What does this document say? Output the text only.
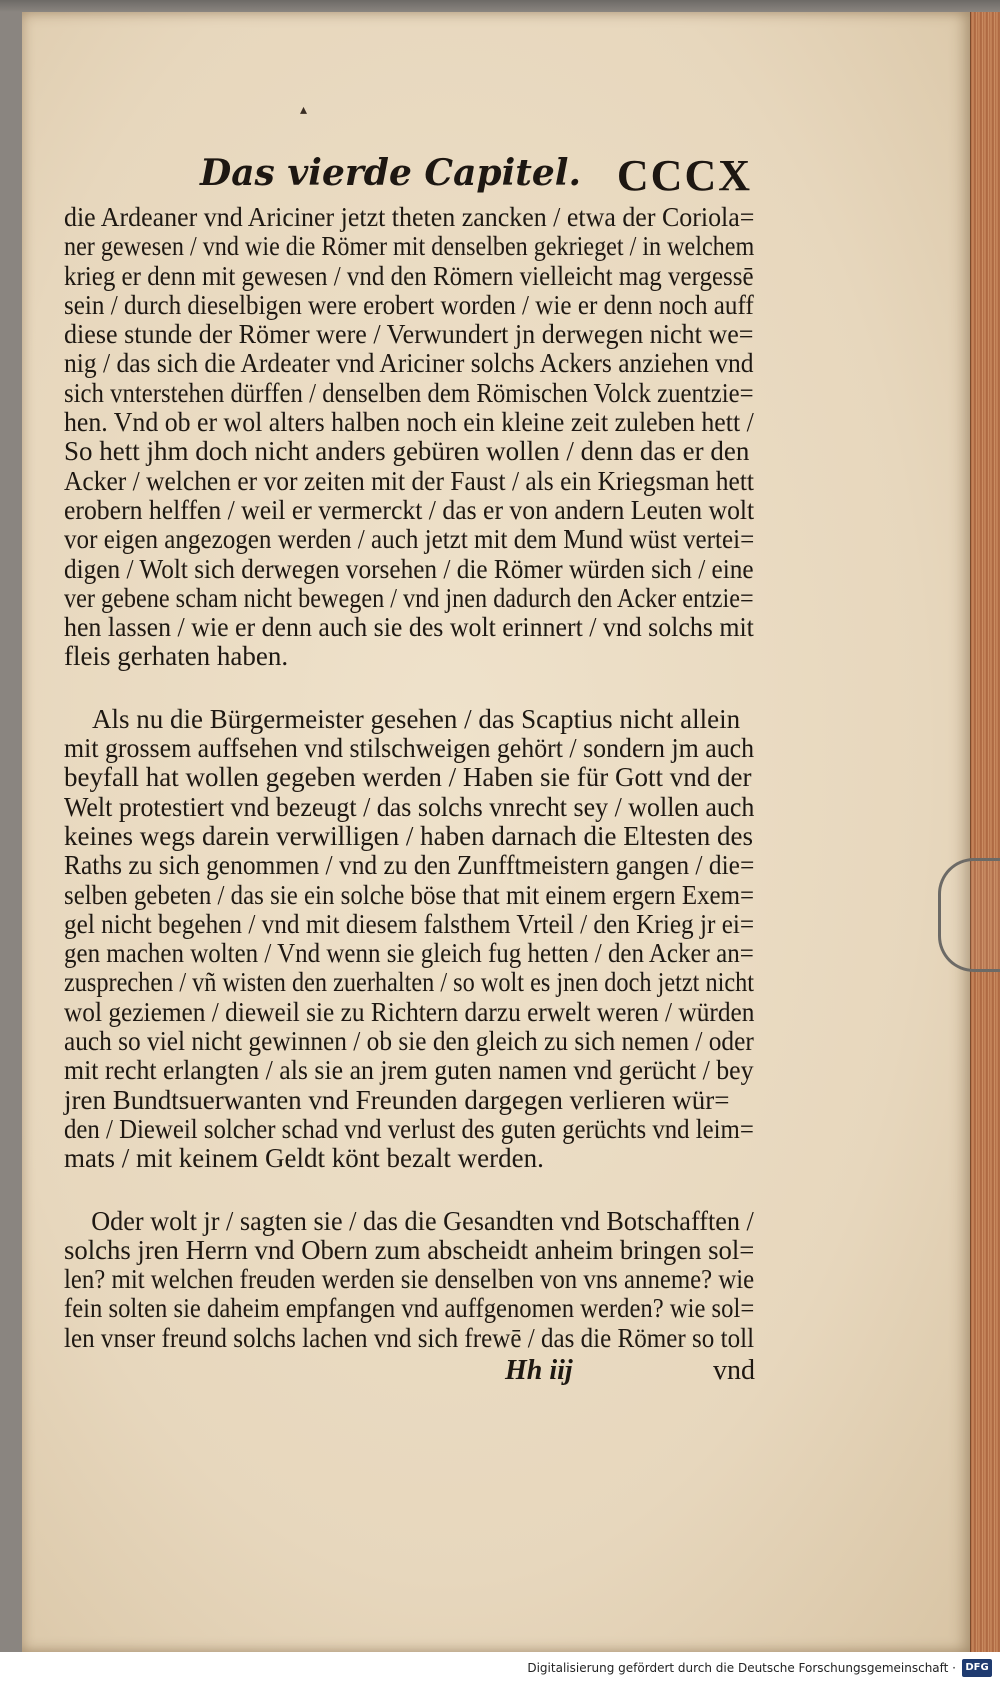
▴
Das vierde Capitel. CCCX
die Ardeaner vnd Ariciner jetzt theten zancken / etwa der Coriola=
ner gewesen / vnd wie die Römer mit denselben gekrieget / in welchem
krieg er denn mit gewesen / vnd den Römern vielleicht mag vergessē
sein / durch dieselbigen were erobert worden / wie er denn noch auff
diese stunde der Römer were / Verwundert jn derwegen nicht we=
nig / das sich die Ardeater vnd Ariciner solchs Ackers anziehen vnd
sich vnterstehen dürffen / denselben dem Römischen Volck zuentzie=
hen. Vnd ob er wol alters halben noch ein kleine zeit zuleben hett /
So hett jhm doch nicht anders gebüren wollen / denn das er den
Acker / welchen er vor zeiten mit der Faust / als ein Kriegsman hett
erobern helffen / weil er vermerckt / das er von andern Leuten wolt
vor eigen angezogen werden / auch jetzt mit dem Mund wüst vertei=
digen / Wolt sich derwegen vorsehen / die Römer würden sich / eine
ver gebene scham nicht bewegen / vnd jnen dadurch den Acker entzie=
hen lassen / wie er denn auch sie des wolt erinnert / vnd solchs mit
fleis gerhaten haben.
Als nu die Bürgermeister gesehen / das Scaptius nicht allein
mit grossem auffsehen vnd stilschweigen gehört / sondern jm auch
beyfall hat wollen gegeben werden / Haben sie für Gott vnd der
Welt protestiert vnd bezeugt / das solchs vnrecht sey / wollen auch
keines wegs darein verwilligen / haben darnach die Eltesten des
Raths zu sich genommen / vnd zu den Zunfftmeistern gangen / die=
selben gebeten / das sie ein solche böse that mit einem ergern Exem=
gel nicht begehen / vnd mit diesem falsthem Vrteil / den Krieg jr ei=
gen machen wolten / Vnd wenn sie gleich fug hetten / den Acker an=
zusprechen / vñ wisten den zuerhalten / so wolt es jnen doch jetzt nicht
wol geziemen / dieweil sie zu Richtern darzu erwelt weren / würden
auch so viel nicht gewinnen / ob sie den gleich zu sich nemen / oder
mit recht erlangten / als sie an jrem guten namen vnd gerücht / bey
jren Bundtsuerwanten vnd Freunden dargegen verlieren wür=
den / Dieweil solcher schad vnd verlust des guten gerüchts vnd leim=
mats / mit keinem Geldt könt bezalt werden.
Oder wolt jr / sagten sie / das die Gesandten vnd Botschafften /
solchs jren Herrn vnd Obern zum abscheidt anheim bringen sol=
len? mit welchen freuden werden sie denselben von vns anneme? wie
fein solten sie daheim empfangen vnd auffgenomen werden? wie sol=
len vnser freund solchs lachen vnd sich frewē / das die Römer so toll
Hh iij	vnd
Digitalisierung gefördert durch die Deutsche Forschungsgemeinschaft · DFG
